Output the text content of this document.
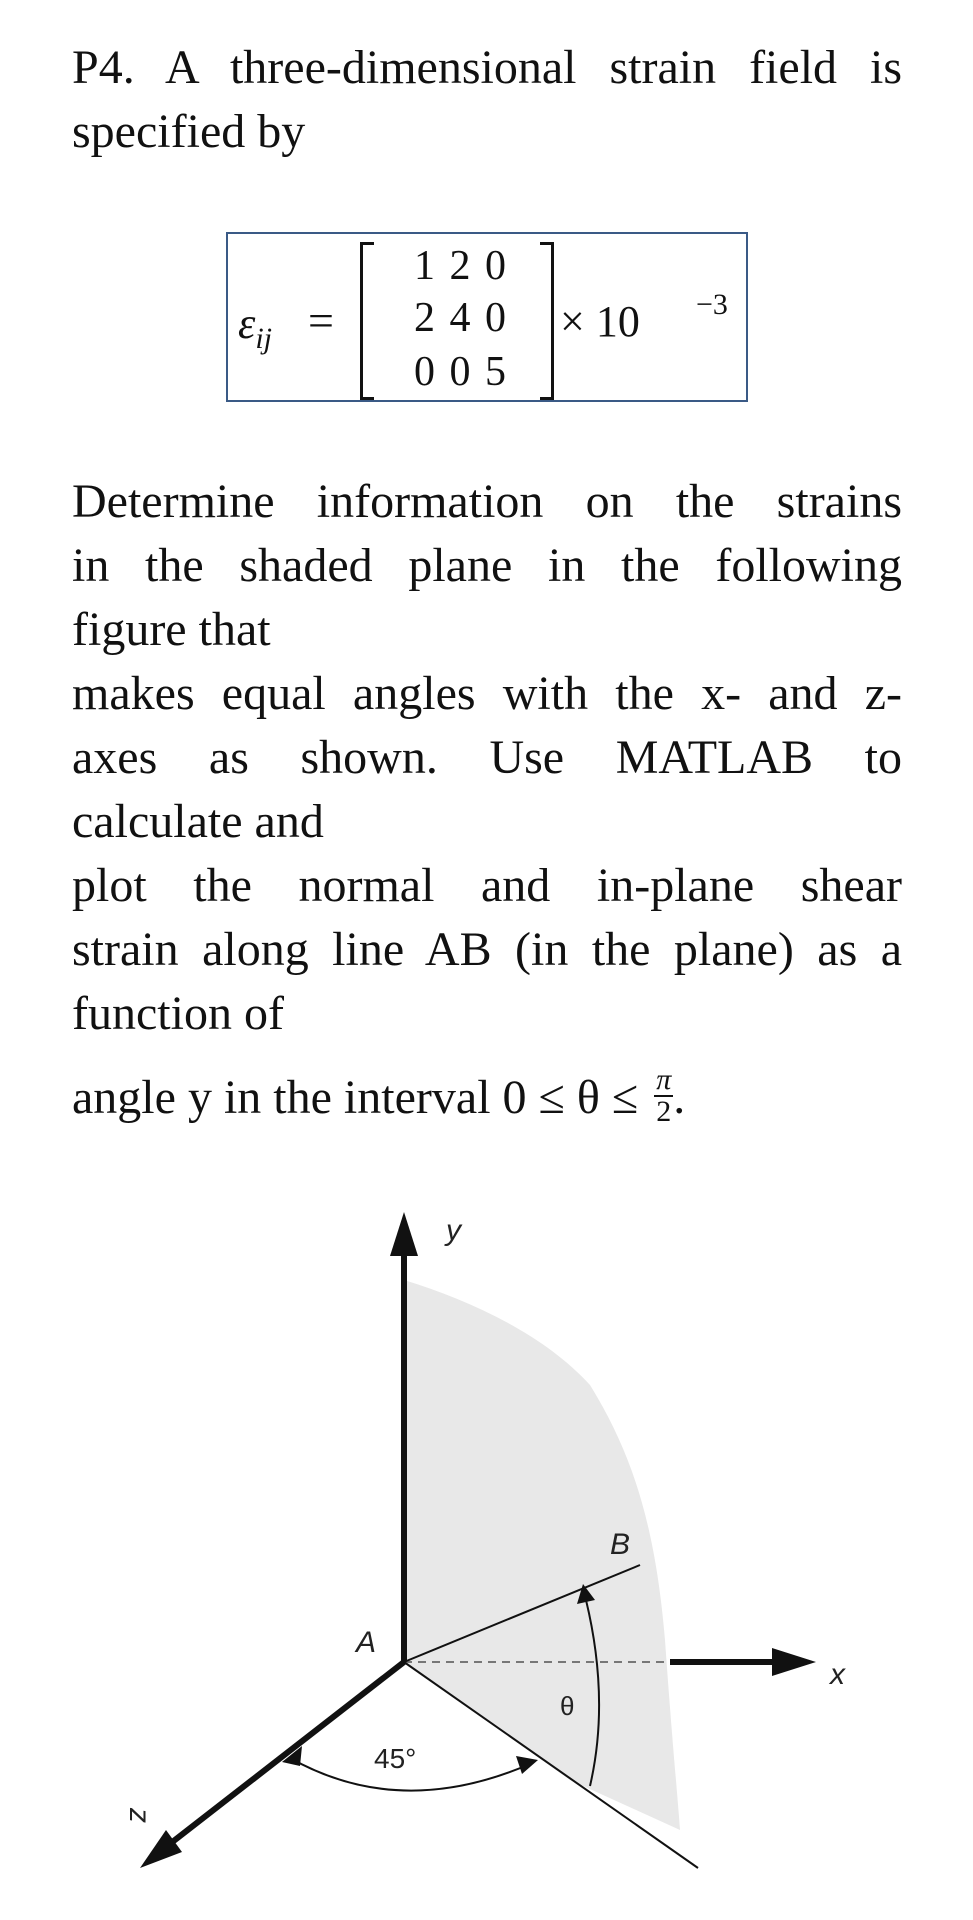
P4. A three-dimensional strain field is
specified by
$\varepsilon_{ij}$ =
1 2 0
2 4 0
0 0 5
× 10 −3
Determine information on the strains
in the shaded plane in the following
figure that
makes equal angles with the x- and z-
axes as shown. Use MATLAB to
calculate and
plot the normal and in-plane shear
strain along line AB (in the plane) as a
function of
angle y in the interval $0 \le \theta \le \frac{\pi}{2}$ .
y
x
z
A
B
θ
45°
